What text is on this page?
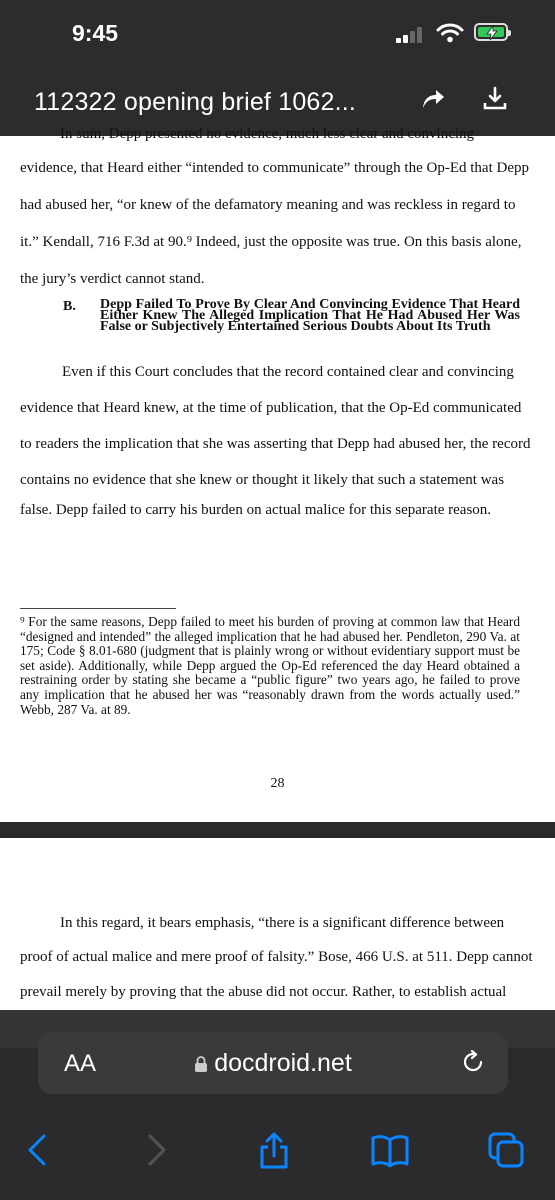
9:45
112322 opening brief 1062...
In sum, Depp presented no evidence, much less clear and convincing
evidence, that Heard either “intended to communicate” through the Op-Ed that Depp
had abused her, “or knew of the defamatory meaning and was reckless in regard to
it.” Kendall, 716 F.3d at 90.⁹ Indeed, just the opposite was true. On this basis alone,
the jury’s verdict cannot stand.
B. Depp Failed To Prove By Clear And Convincing Evidence That Heard Either Knew The Alleged Implication That He Had Abused Her Was False or Subjectively Entertained Serious Doubts About Its Truth
Even if this Court concludes that the record contained clear and convincing
evidence that Heard knew, at the time of publication, that the Op-Ed communicated
to readers the implication that she was asserting that Depp had abused her, the record
contains no evidence that she knew or thought it likely that such a statement was
false. Depp failed to carry his burden on actual malice for this separate reason.
⁹ For the same reasons, Depp failed to meet his burden of proving at common law that Heard “designed and intended” the alleged implication that he had abused her. Pendleton, 290 Va. at 175; Code § 8.01-680 (judgment that is plainly wrong or without evidentiary support must be set aside). Additionally, while Depp argued the Op-Ed referenced the day Heard obtained a restraining order by stating she became a “public figure” two years ago, he failed to prove any implication that he abused her was “reasonably drawn from the words actually used.” Webb, 287 Va. at 89.
28
In this regard, it bears emphasis, “there is a significant difference between
proof of actual malice and mere proof of falsity.” Bose, 466 U.S. at 511. Depp cannot
prevail merely by proving that the abuse did not occur. Rather, to establish actual
AA	docdroid.net
